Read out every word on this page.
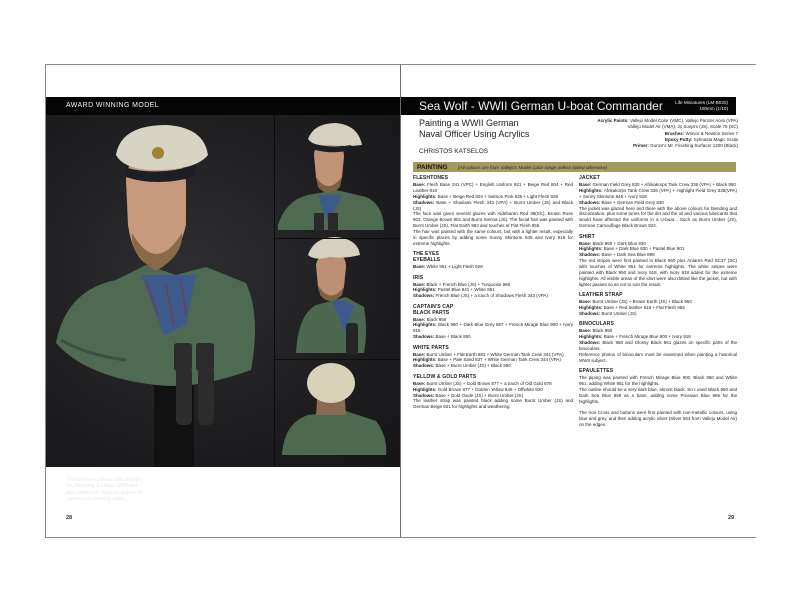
AWARD WINNING MODEL
The bust was primed with Gunze's Mr. Finishing Surfacer 1200 and airbrushed with black as a base for subsequent painting steps.
28
Sea Wolf - WWII German U-boat Commander	Life Miniatures (LM-B020)
180mm (1/10)
Painting a WWII German
Naval Officer Using Acrylics
CHRISTOS KATSELOS
Acrylic Paints: Vallejo Model Color (VMC), Vallejo Panzer Aces (VPA)
Vallejo Model Air (VMA), Jo Sonja's (JS), Scale 75 (SC)
Brushes: Winsor & Newton Series 7
Epoxy Putty: Sylmasta Magic Sculp
Primer: Gunze's Mr. Finishing Surfacer 1200 (Black)
PAINTING (All colours are from Vallejo's Model Color range unless stated otherwise)
FLESHTONES
Base: Flesh Base 341 (VPC) + English Uniform 921 + Beige Red 804 + Red Leather 818
Highlights: Base + Beige Red 804 + Salmon Pink 835 + Light Flesh 928
Shadows: Base + Shadows Flesh 343 (VPA) + Burnt Umber (JS) and Black (JS)
The face was given several glazes with Aldebaran Red 38(SC), Brown Rose 803, Orange Brown 981 and Burnt Sienna (JS). The facial hair was painted with Burnt Umber (JS), Flat Earth 983 and touches of Flat Flesh 955.
The hair was painted with the same colours, but with a lighter result, especially in specific places by adding some Sunny Skintone 845 and Ivory 918 for extreme highlights.
THE EYES
EYEBALLS
Base: White 951 + Light Flesh 928
IRIS
Base: Black + French Blue (JS) + Turquoise 966
Highlights: Pastel Blue 941 + White 951
Shadows: French Blue (JS) + a touch of Shadows Flesh 343 (VPA)
CAPTAIN'S CAP
BLACK PARTS
Base: Black 950
Highlights: Black 950 + Dark Blue Grey 867 + French Mirage Blue 900 + Ivory 918
Shadows: Base + Black 950
WHITE PARTS
Base: Burnt Umber + Flat Earth 983 + White German Tank Crew 344 (VPA)
Highlights: Base + Pale Sand 837 + White German Tank Crew 344 (VPA)
Shadows: Base + Burnt Umber (JS) + Black 950
YELLOW & GOLD PARTS
Base: Burnt Umber (JS) + Gold Brown 877 + a touch of Old Gold 878
Highlights: Gold Brown 877 + Golden Yellow 948 + Offwhite 820
Shadows: Base + Gold Oxide (JS) + Burnt Umber (JS)
The leather strap was painted black adding some Burnt Umber (JS) and German Beige 821 for highlights and weathering.
JACKET
Base: German Field Grey 830 + Afrikakorps Tank Crew 336 (VPA) + Black 950
Highlights: Afrikakorps Tank Crew 336 (VPA) + Highlight Field Grey 338(VPA) + Sunny Skintone 845 + Ivory 918
Shadows: Base + German Field Grey 830
The jacket was glazed here and there with the above colours for blending and discoloration, plus some tones for the dirt and the oil and various lubricants that would have affected the uniforms in a U-boat... Such as Burnt Umber (JS), German Camouflage Black Brown 822.
SHIRT
Base: Black 950 + Dark Blue 930
Highlights: Base + Dark Blue 930 + Pastel Blue 901
Shadows: Base + Dark Sea Blue 898
The red stripes were first painted in Black 950 plus Antares Red SC37 (SC) with touches of White 951 for extreme highlights. The white stripes were painted with Black 950 and Ivory 918, with Ivory 918 added for the extreme highlights. All visible areas of the shirt were also dirtied like the jacket, but with lighter passes so as not to ruin the result.
LEATHER STRAP
Base: Burnt Umber (JS) + Brown Earth (JS) + Black 950
Highlights: Base + Red leather 818 + Flat Flesh 955
Shadows: Burnt Umber (JS)
BINOCULARS
Base: Black 950
Highlights: Base + French Mirage Blue 900 + Ivory 918
Shadows: Black 950 and Glossy Black 861 glazes on specific parts of the binoculars.
Reference photos of binoculars must be examined when painting a historical WWII subject.
EPAULETTES
The piping was painted with French Mirage Blue 900, Black 950 and White 951, adding White 951 for the highlights.
The outline should be a very dark blue, almost black. So I used Black 950 and Dark Sea Blue 898 as a base, adding some Prussian Blue 965 for the highlights.
The Iron Cross and buttons were first painted with non-metallic colours, using blue and grey, and then adding acrylic silver (Silver 063 from Vallejo Model Air) on the edges.
29
